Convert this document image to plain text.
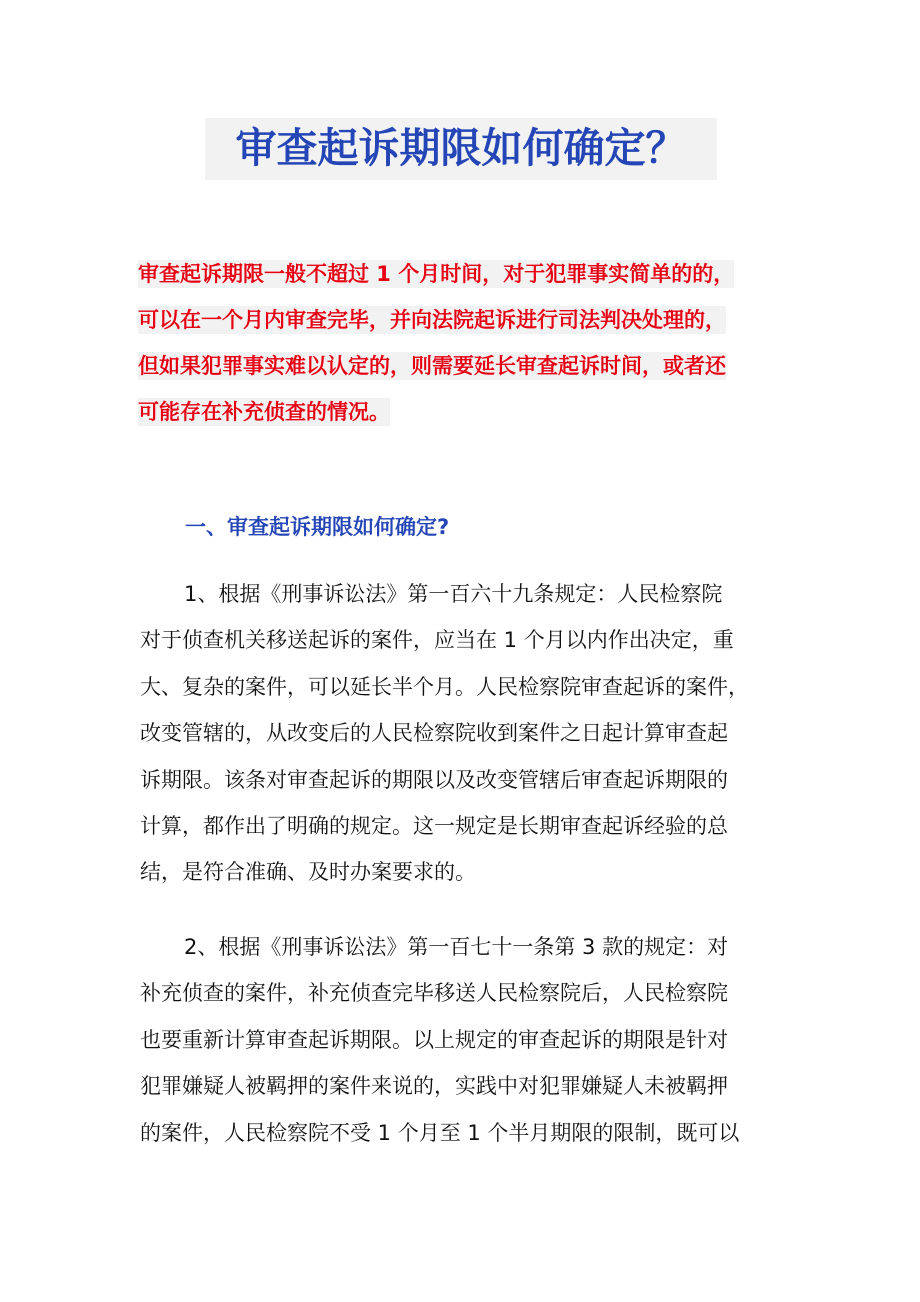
审查起诉期限如何确定？
审查起诉期限一般不超过 1 个月时间，对于犯罪事实简单的的，
可以在一个月内审查完毕，并向法院起诉进行司法判决处理的，
但如果犯罪事实难以认定的，则需要延长审查起诉时间，或者还
可能存在补充侦查的情况。
一、审查起诉期限如何确定?
1、根据《刑事诉讼法》第一百六十九条规定：人民检察院
对于侦查机关移送起诉的案件，应当在 1 个月以内作出决定，重
大、复杂的案件，可以延长半个月。人民检察院审查起诉的案件，
改变管辖的，从改变后的人民检察院收到案件之日起计算审查起
诉期限。该条对审查起诉的期限以及改变管辖后审查起诉期限的
计算，都作出了明确的规定。这一规定是长期审查起诉经验的总
结，是符合准确、及时办案要求的。
2、根据《刑事诉讼法》第一百七十一条第 3 款的规定：对
补充侦查的案件，补充侦查完毕移送人民检察院后，人民检察院
也要重新计算审查起诉期限。以上规定的审查起诉的期限是针对
犯罪嫌疑人被羁押的案件来说的，实践中对犯罪嫌疑人未被羁押
的案件，人民检察院不受 1 个月至 1 个半月期限的限制，既可以
